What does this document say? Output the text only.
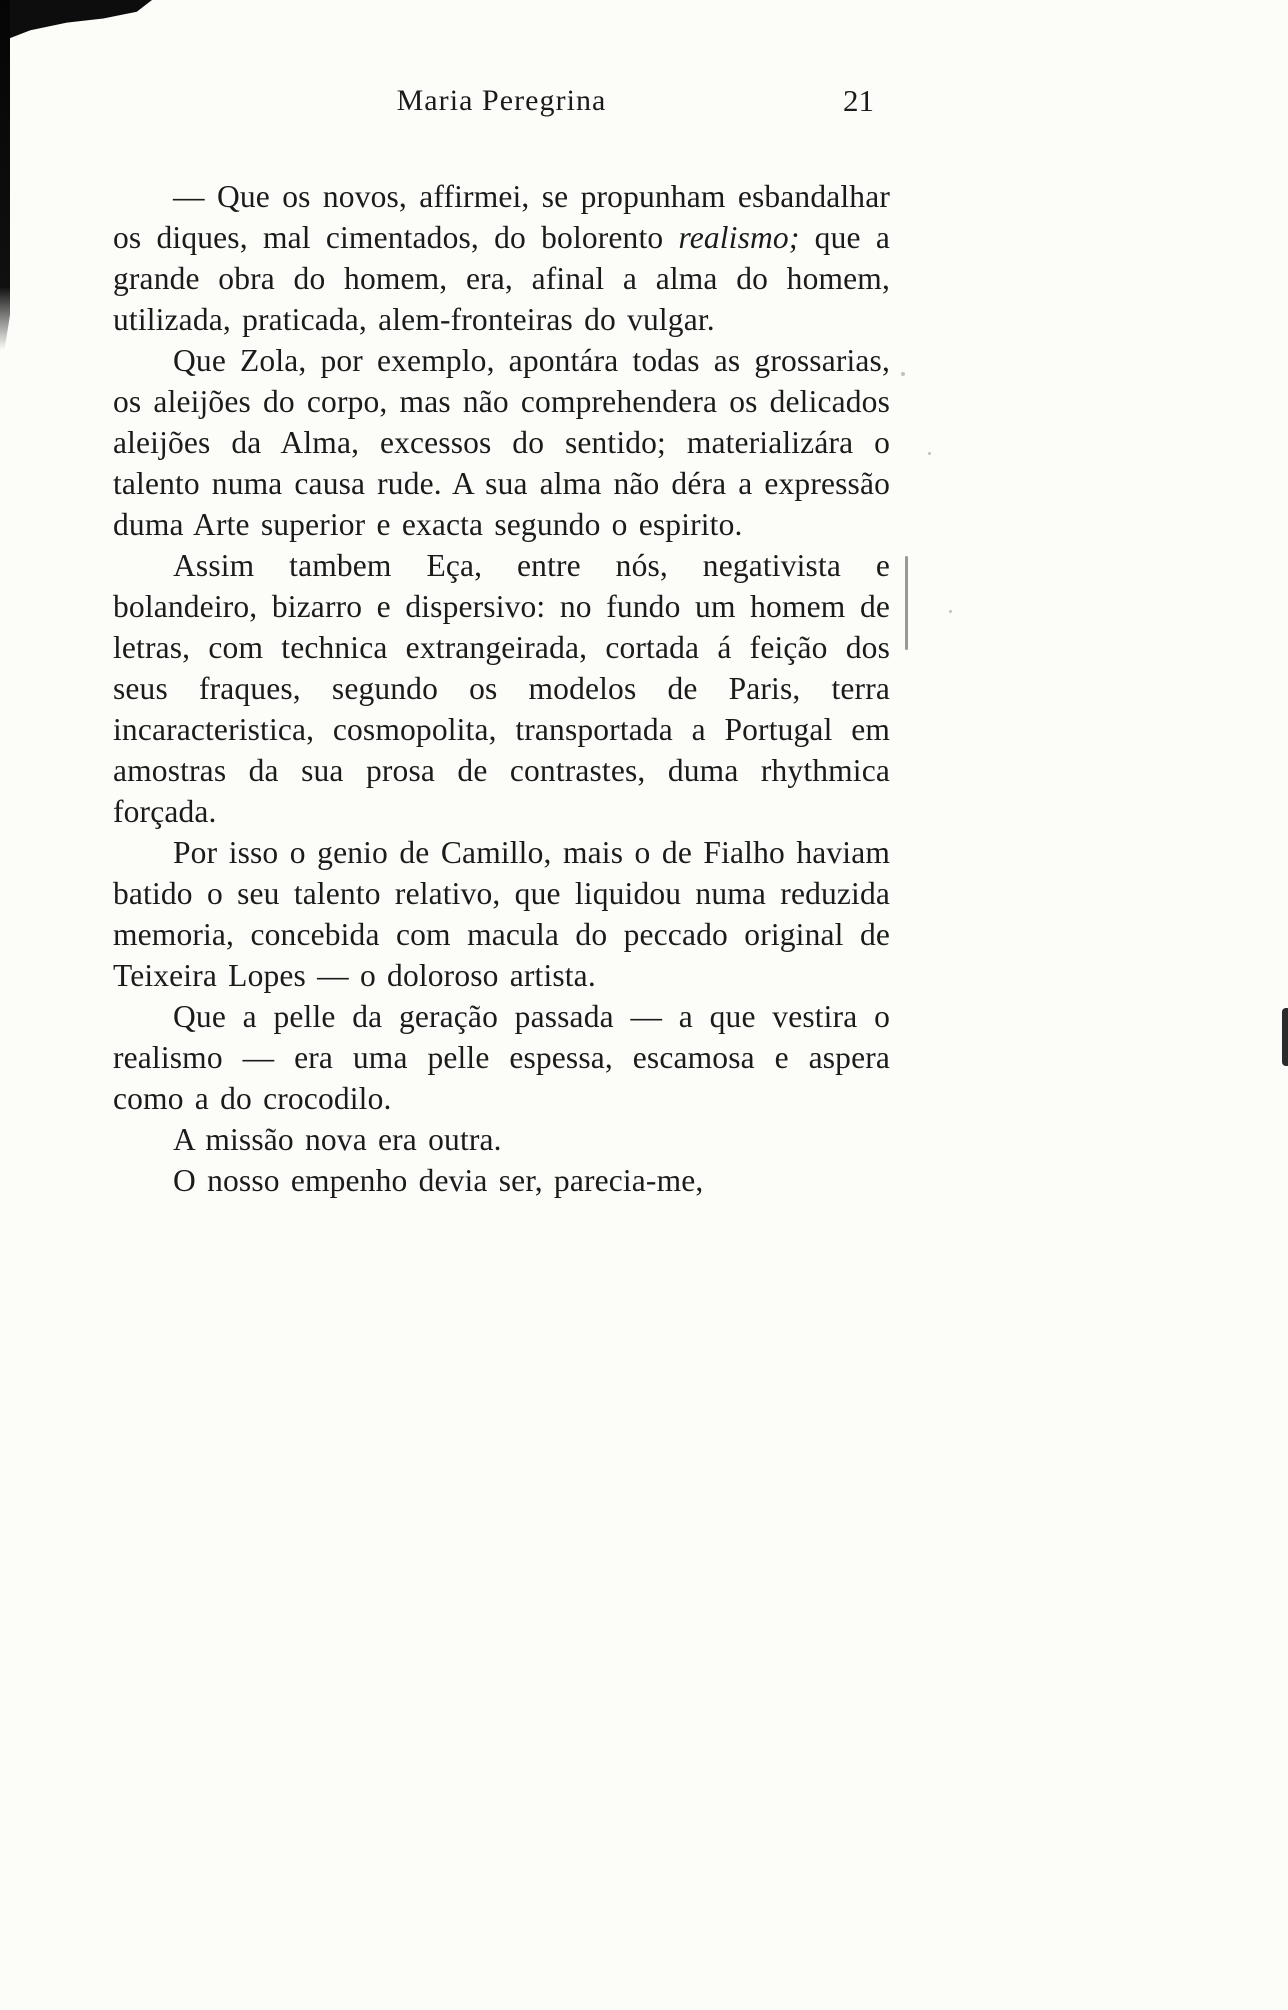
Maria Peregrina	21

— Que os novos, affirmei, se propunham esbandalhar os diques, mal cimentados, do bolorento realismo; que a grande obra do homem, era, afinal a alma do homem, utilizada, praticada, alem-fronteiras do vulgar.

Que Zola, por exemplo, apontára todas as grossarias, os aleijões do corpo, mas não comprehendera os delicados aleijões da Alma, excessos do sentido; materializára o talento numa causa rude. A sua alma não déra a expressão duma Arte superior e exacta segundo o espirito.

Assim tambem Eça, entre nós, negativista e bolandeiro, bizarro e dispersivo: no fundo um homem de letras, com technica extrangeirada, cortada á feição dos seus fraques, segundo os modelos de Paris, terra incaracteristica, cosmopolita, transportada a Portugal em amostras da sua prosa de contrastes, duma rhythmica forçada.

Por isso o genio de Camillo, mais o de Fialho haviam batido o seu talento relativo, que liquidou numa reduzida memoria, concebida com macula do peccado original de Teixeira Lopes — o doloroso artista.

Que a pelle da geração passada — a que vestira o realismo — era uma pelle espessa, escamosa e aspera como a do crocodilo.

A missão nova era outra.

O nosso empenho devia ser, parecia-me,
